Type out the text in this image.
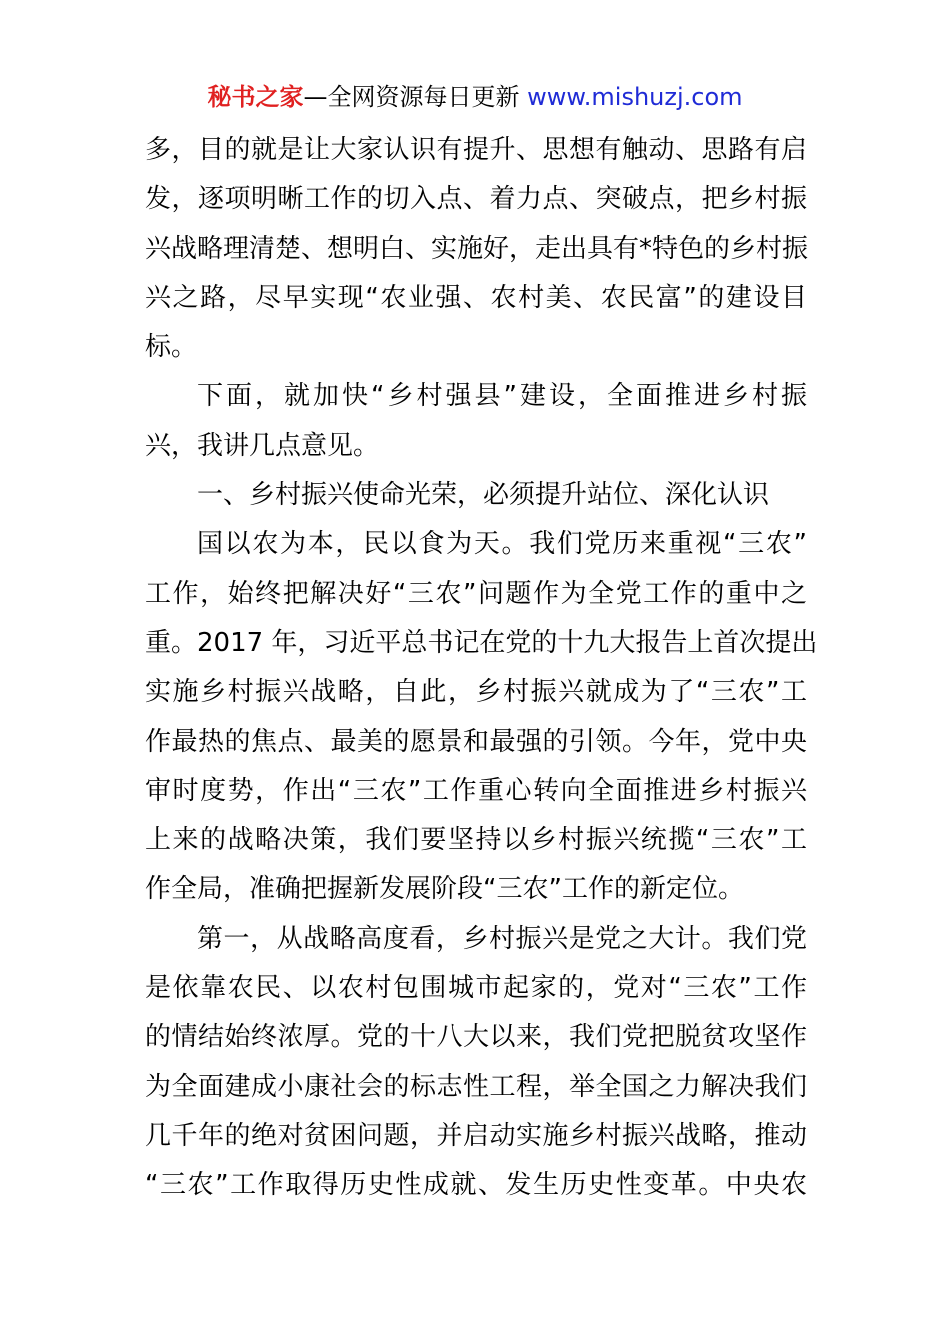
秘书之家—全网资源每日更新 www.mishuzj.com
多，目的就是让大家认识有提升、思想有触动、思路有启
发，逐项明晰工作的切入点、着力点、突破点，把乡村振
兴战略理清楚、想明白、实施好，走出具有*特色的乡村振
兴之路，尽早实现“农业强、农村美、农民富”的建设目
标。
下面，就加快“乡村强县”建设，全面推进乡村振
兴，我讲几点意见。
一、乡村振兴使命光荣，必须提升站位、深化认识
国以农为本，民以食为天。我们党历来重视“三农”
工作，始终把解决好“三农”问题作为全党工作的重中之
重。2017 年，习近平总书记在党的十九大报告上首次提出
实施乡村振兴战略，自此，乡村振兴就成为了“三农”工
作最热的焦点、最美的愿景和最强的引领。今年，党中央
审时度势，作出“三农”工作重心转向全面推进乡村振兴
上来的战略决策，我们要坚持以乡村振兴统揽“三农”工
作全局，准确把握新发展阶段“三农”工作的新定位。
第一，从战略高度看，乡村振兴是党之大计。我们党
是依靠农民、以农村包围城市起家的，党对“三农”工作
的情结始终浓厚。党的十八大以来，我们党把脱贫攻坚作
为全面建成小康社会的标志性工程，举全国之力解决我们
几千年的绝对贫困问题，并启动实施乡村振兴战略，推动
“三农”工作取得历史性成就、发生历史性变革。中央农
